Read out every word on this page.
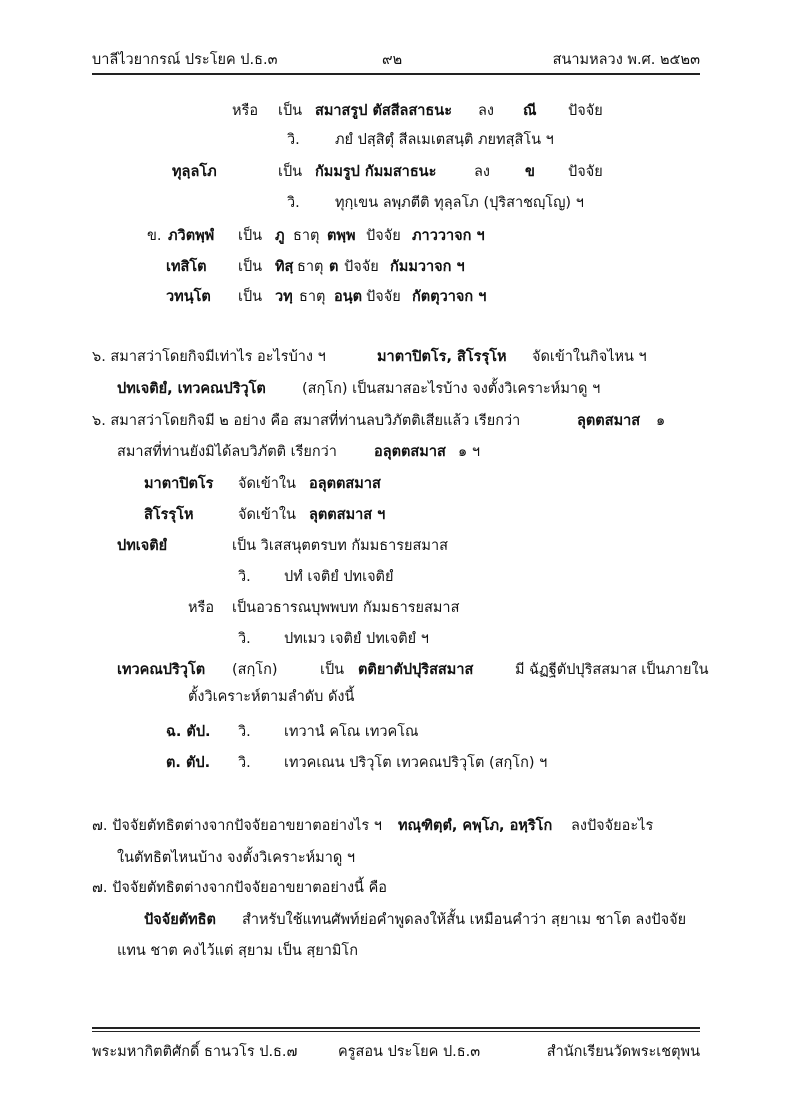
บาลีไวยากรณ์ ประโยค ป.ธ.๓	๙๒	สนามหลวง พ.ศ. ๒๕๒๓
หรือ เป็น สมาสรูป ตัสสีลสาธนะ ลง ณี ปัจจัย
วิ. ภยํ ปสฺสิตุํ สีลเมเตสนฺติ ภยทสฺสิโน ฯ
ทุลฺลโภ	เป็น กัมมรูป กัมมสาธนะ	ลง ข ปัจจัย
วิ. ทุกฺเขน ลพฺภตีติ ทุลฺลโภ (ปุริสาชญฺโญ) ฯ
ข. ภวิตพฺพํ เป็น ภู ธาตุ ตพฺพ ปัจจัย ภาววาจก ฯ
เทสิโต เป็น ทิสฺ ธาตุ ต ปัจจัย กัมมวาจก ฯ
วทนฺโต เป็น วทฺ ธาตุ อนฺต ปัจจัย กัตตุวาจก ฯ
๖. สมาสว่าโดยกิจมีเท่าไร อะไรบ้าง ฯ	มาตาปิตโร, สิโรรุโห จัดเข้าในกิจไหน ฯ
ปทเจติยํ, เทวคณปริวุโต (สกฺโก) เป็นสมาสอะไรบ้าง จงตั้งวิเคราะห์มาดู ฯ
๖. สมาสว่าโดยกิจมี ๒ อย่าง คือ สมาสที่ท่านลบวิภัตติเสียแล้ว เรียกว่า	ลุตตสมาส ๑
สมาสที่ท่านยังมิได้ลบวิภัตติ เรียกว่า	อลุตตสมาส ๑ ฯ
มาตาปิตโร จัดเข้าใน อลุตตสมาส
สิโรรุโห	จัดเข้าใน ลุตตสมาส ฯ
ปทเจติยํ	เป็น วิเสสนุตตรบท กัมมธารยสมาส
วิ. ปทํ เจติยํ ปทเจติยํ
หรือ เป็นอวธารณบุพพบท กัมมธารยสมาส
วิ. ปทเมว เจติยํ ปทเจติยํ ฯ
เทวคณปริวุโต (สกฺโก)	เป็น ตติยาตัปปุริสสมาส	มี ฉัฏฐีตัปปุริสสมาส เป็นภายใน
ตั้งวิเคราะห์ตามลำดับ ดังนี้
ฉ. ตัป. วิ. เทวานํ คโณ เทวคโณ
ต. ตัป. วิ. เทวคเณน ปริวุโต เทวคณปริวุโต (สกฺโก) ฯ
๗. ปัจจัยตัทธิตต่างจากปัจจัยอาขยาตอย่างไร ฯ ทณฺฑิตฺตํ, คพฺโภ, อหฺริโก ลงปัจจัยอะไร
ในตัทธิตไหนบ้าง จงตั้งวิเคราะห์มาดู ฯ
๗. ปัจจัยตัทธิตต่างจากปัจจัยอาขยาตอย่างนี้ คือ
ปัจจัยตัทธิต สำหรับใช้แทนศัพท์ย่อคำพูดลงให้สั้น เหมือนคำว่า สฺยาเม ชาโต ลงปัจจัย
แทน ชาต คงไว้แต่ สฺยาม เป็น สฺยามิโก
พระมหากิตติศักดิ์ ธานวโร ป.ธ.๗	ครูสอน ประโยค ป.ธ.๓	สำนักเรียนวัดพระเชตุพน
